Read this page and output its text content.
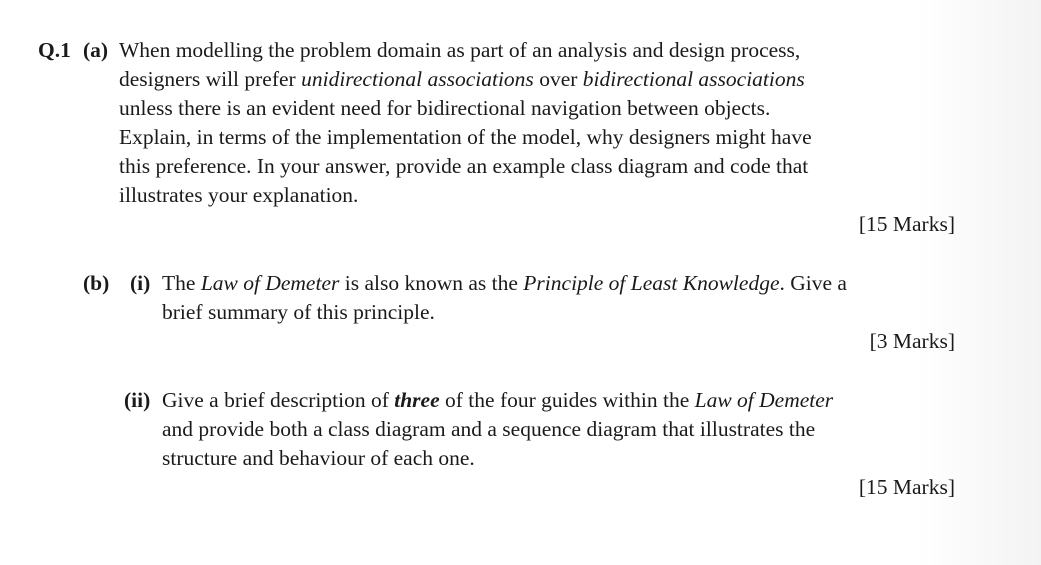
Q.1 (a) When modelling the problem domain as part of an analysis and design process,
designers will prefer unidirectional associations over bidirectional associations
unless there is an evident need for bidirectional navigation between objects.
Explain, in terms of the implementation of the model, why designers might have
this preference. In your answer, provide an example class diagram and code that
illustrates your explanation.
[15 Marks]
(b) (i) The Law of Demeter is also known as the Principle of Least Knowledge. Give a
brief summary of this principle.
[3 Marks]
(ii) Give a brief description of three of the four guides within the Law of Demeter
and provide both a class diagram and a sequence diagram that illustrates the
structure and behaviour of each one.
[15 Marks]
